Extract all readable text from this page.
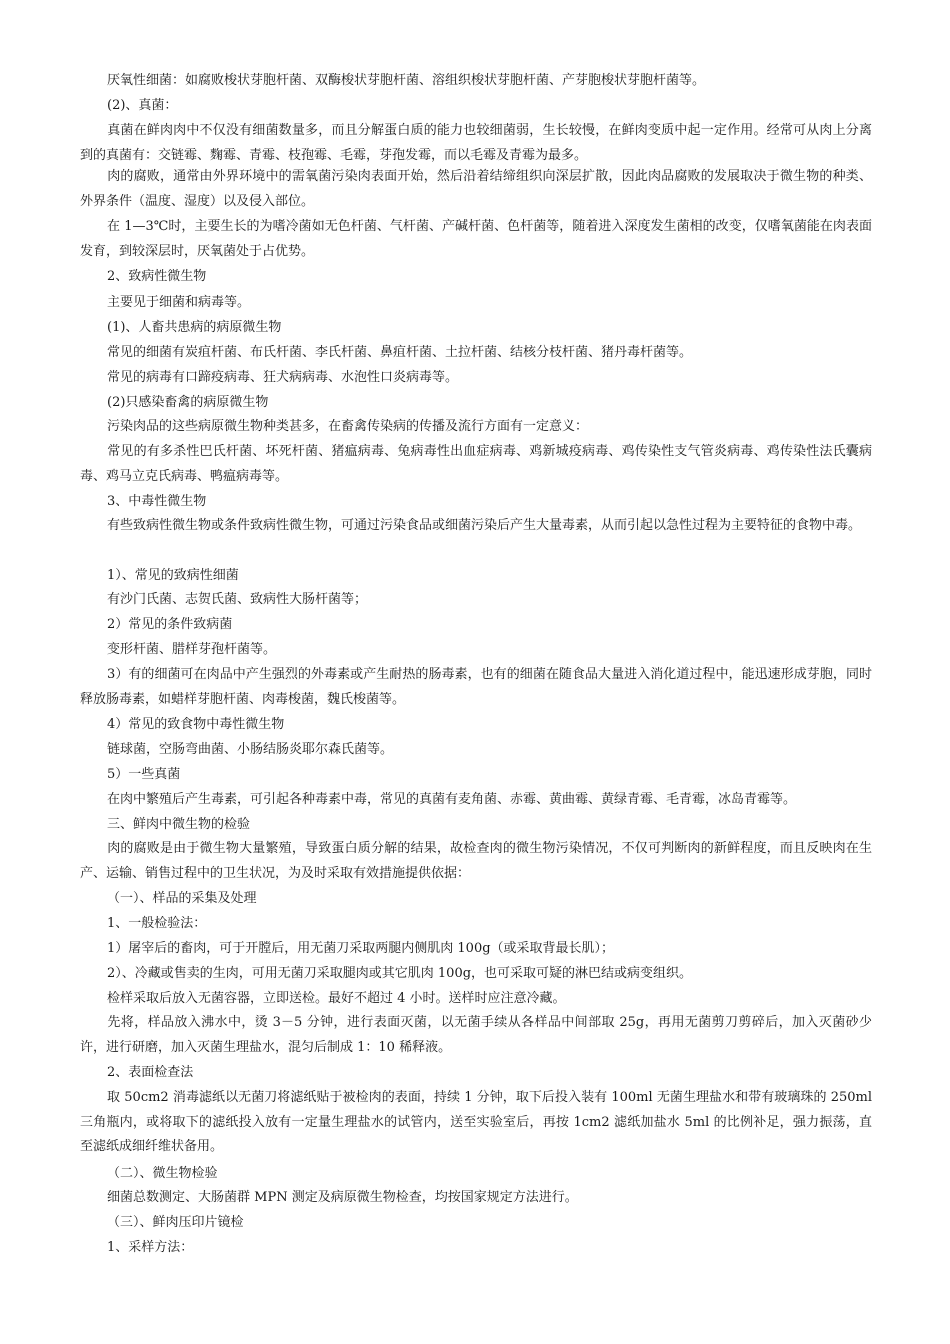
厌氧性细菌：如腐败梭状芽胞杆菌、双酶梭状芽胞杆菌、溶组织梭状芽胞杆菌、产芽胞梭状芽胞杆菌等。
(2)、真菌：
真菌在鲜肉肉中不仅没有细菌数量多，而且分解蛋白质的能力也较细菌弱，生长较慢，在鲜肉变质中起一定作用。经常可从肉上分离到的真菌有：交链霉、麴霉、青霉、枝孢霉、毛霉，芽孢发霉，而以毛霉及青霉为最多。
肉的腐败，通常由外界环境中的需氧菌污染肉表面开始，然后沿着结缔组织向深层扩散，因此肉品腐败的发展取决于微生物的种类、外界条件（温度、湿度）以及侵入部位。
在 1—3℃时，主要生长的为嗜冷菌如无色杆菌、气杆菌、产碱杆菌、色杆菌等，随着进入深度发生菌相的改变，仅嗜氧菌能在肉表面发育，到较深层时，厌氧菌处于占优势。
2、致病性微生物
主要见于细菌和病毒等。
(1)、人畜共患病的病原微生物
常见的细菌有炭疽杆菌、布氏杆菌、李氏杆菌、鼻疽杆菌、土拉杆菌、结核分枝杆菌、猪丹毒杆菌等。
常见的病毒有口蹄疫病毒、狂犬病病毒、水泡性口炎病毒等。
(2)只感染畜禽的病原微生物
污染肉品的这些病原微生物种类甚多，在畜禽传染病的传播及流行方面有一定意义：
常见的有多杀性巴氏杆菌、坏死杆菌、猪瘟病毒、兔病毒性出血症病毒、鸡新城疫病毒、鸡传染性支气管炎病毒、鸡传染性法氏囊病毒、鸡马立克氏病毒、鸭瘟病毒等。
3、中毒性微生物
有些致病性微生物或条件致病性微生物，可通过污染食品或细菌污染后产生大量毒素，从而引起以急性过程为主要特征的食物中毒。
1）、常见的致病性细菌
有沙门氏菌、志贺氏菌、致病性大肠杆菌等；
2）常见的条件致病菌
变形杆菌、腊样芽孢杆菌等。
3）有的细菌可在肉品中产生强烈的外毒素或产生耐热的肠毒素，也有的细菌在随食品大量进入消化道过程中，能迅速形成芽胞，同时释放肠毒素，如蜡样芽胞杆菌、肉毒梭菌，魏氏梭菌等。
4）常见的致食物中毒性微生物
链球菌，空肠弯曲菌、小肠结肠炎耶尔森氏菌等。
5）一些真菌
在肉中繁殖后产生毒素，可引起各种毒素中毒，常见的真菌有麦角菌、赤霉、黄曲霉、黄绿青霉、毛青霉，冰岛青霉等。
三、鲜肉中微生物的检验
肉的腐败是由于微生物大量繁殖，导致蛋白质分解的结果，故检查肉的微生物污染情况，不仅可判断肉的新鲜程度，而且反映肉在生产、运输、销售过程中的卫生状况，为及时采取有效措施提供依据：
（一）、样品的采集及处理
1、一般检验法：
1）屠宰后的畜肉，可于开膛后，用无菌刀采取两腿内侧肌肉 100g（或采取背最长肌）；
2）、冷藏或售卖的生肉，可用无菌刀采取腿肉或其它肌肉 100g，也可采取可疑的淋巴结或病变组织。
检样采取后放入无菌容器，立即送检。最好不超过 4 小时。送样时应注意冷藏。
先将，样品放入沸水中，烫 3－5 分钟，进行表面灭菌，以无菌手续从各样品中间部取 25g，再用无菌剪刀剪碎后，加入灭菌砂少许，进行研磨，加入灭菌生理盐水，混匀后制成 1：10 稀释液。
2、表面检查法
取 50cm2 消毒滤纸以无菌刀将滤纸贴于被检肉的表面，持续 1 分钟，取下后投入装有 100ml 无菌生理盐水和带有玻璃珠的 250ml 三角瓶内，或将取下的滤纸投入放有一定量生理盐水的试管内，送至实验室后，再按 1cm2 滤纸加盐水 5ml 的比例补足，强力振荡，直至滤纸成细纤维状备用。
（二）、微生物检验
细菌总数测定、大肠菌群 MPN 测定及病原微生物检查，均按国家规定方法进行。
（三）、鲜肉压印片镜检
1、采样方法：
